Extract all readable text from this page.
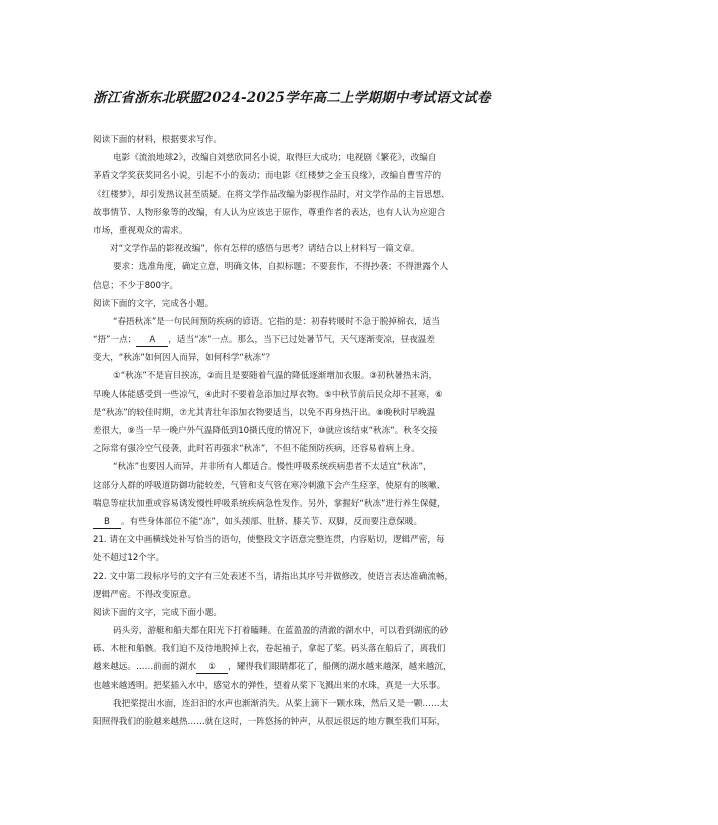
浙江省浙东北联盟2024-2025学年高二上学期期中考试语文试卷
阅读下面的材料，根据要求写作。
电影《流浪地球2》，改编自刘慈欣同名小说，取得巨大成功；电视剧《繁花》，改编自
茅盾文学奖获奖同名小说，引起不小的轰动；而电影《红楼梦之金玉良缘》，改编自曹雪芹的
《红楼梦》，却引发热议甚至质疑。在将文学作品改编为影视作品时，对文学作品的主旨思想、
故事情节、人物形象等的改编，有人认为应该忠于原作，尊重作者的表达，也有人认为应迎合
市场，重视观众的需求。
对“文学作品的影视改编”，你有怎样的感悟与思考？请结合以上材料写一篇文章。
要求：选准角度，确定立意，明确文体，自拟标题；不要套作，不得抄袭；不得泄露个人
信息；不少于800字。
阅读下面的文字，完成各小题。
“春捂秋冻”是一句民间预防疾病的谚语。它指的是：初春转暖时不急于脱掉棉衣，适当
“捂”一点； A ，适当“冻”一点。那么，当下已过处暑节气，天气逐渐变凉，昼夜温差
变大，“秋冻”如何因人而异，如何科学“秋冻”？
①“秋冻”不是盲目挨冻，②而且是要随着气温的降低逐渐增加衣服。③初秋暑热未消，
早晚人体能感受到一些凉气，④此时不要着急添加过厚衣物。⑤中秋节前后民众却不甚寒，⑥
是“秋冻”的较佳时期，⑦尤其青壮年添加衣物要适当，以免不再身热汗出。⑧晚秋时早晚温
差很大，⑨当一早一晚户外气温降低到10摄氏度的情况下，⑩就应该结束“秋冻”。秋冬交接
之际常有强冷空气侵袭，此时若再强求“秋冻”，不但不能预防疾病，还容易着病上身。
“秋冻”也要因人而异，并非所有人都适合。慢性呼吸系统疾病患者不太适宜“秋冻”，
这部分人群的呼吸道防御功能较差，气管和支气管在寒冷刺激下会产生痉挛，使原有的咳嗽、
喘息等症状加重或容易诱发慢性呼吸系统疾病急性发作。另外，掌握好“秋冻”进行养生保健，
B 。有些身体部位不能“冻”，如头颈部、肚脐、膝关节、双脚，反而要注意保暖。
21. 请在文中画横线处补写恰当的语句，使整段文字语意完整连贯，内容贴切，逻辑严密，每
处不超过12个字。
22. 文中第二段标序号的文字有三处表述不当，请指出其序号并做修改，使语言表达准确流畅，
逻辑严密。不得改变原意。
阅读下面的文字，完成下面小题。
码头旁，游艇和船夫都在阳光下打着瞌睡。在蓝盈盈的清澈的湖水中，可以看到湖底的砂
砾、木桩和船骸。我们迫不及待地脱掉上衣，卷起袖子，拿起了桨。码头落在船后了，离我们
越来越远。……前面的湖水 ① ，耀得我们眼睛都花了，船侧的湖水越来越深，越来越沉，
也越来越透明。把桨插入水中，感觉水的弹性，望着从桨下飞溅出来的水珠，真是一大乐事。
我把桨提出水面，连汩汩的水声也渐渐消失。从桨上滴下一颗水珠，然后又是一颗……太
阳照得我们的脸越来越热……就在这时，一阵悠扬的钟声，从很远很远的地方飘至我们耳际，
